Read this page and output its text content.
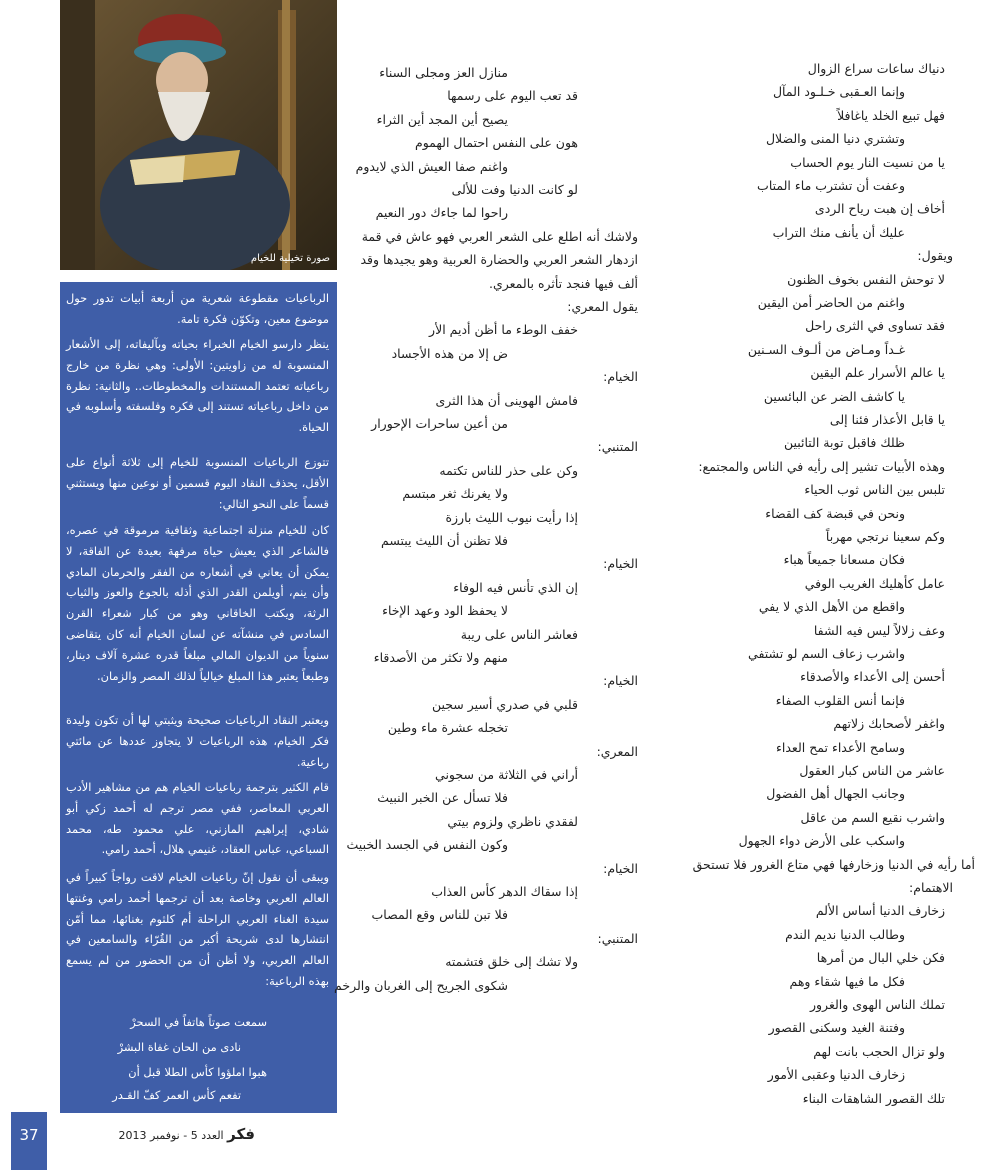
صورة تخيلية للخيام
الرباعيات مقطوعة شعرية من أربعة أبيات تدور حول موضوع معين، وتكوّن فكرة تامة.
ينظر دارسو الخيام الخبراء بحياته وبآليفاته، إلى الأشعار المنسوبة له من زاويتين: الأولى: وهي نظرة من خارج رباعياته تعتمد المستندات والمخطوطات.. والثانية: نظرة من داخل رباعياته تستند إلى فكره وفلسفته وأسلوبه في الحياة.
تتوزع الرباعيات المنسوبة للخيام إلى ثلاثة أنواع على الأقل، يحذف النقاد اليوم قسمين أو نوعين منها ويستثني قسماً على النحو التالي:
كان للخيام منزلة اجتماعية وثقافية مرموقة في عصره، فالشاعر الذي يعيش حياة مرفهة بعيدة عن الفاقة، لا يمكن أن يعاني في أشعاره من الفقر والحرمان المادي وأن ينم، أويلمن القدر الذي أذله بالجوع والعوز والثياب الرثة، ويكتب الخاقاني وهو من كبار شعراء القرن السادس في منشآته عن لسان الخيام أنه كان يتقاضى سنوياً من الديوان المالي مبلغاً قدره عشرة آلاف دينار، وطبعاً يعتبر هذا المبلغ خيالياً لذلك المصر والزمان.
ويعتبر النقاد الرباعيات صحيحة ويثبتي لها أن تكون وليدة فكر الخيام، هذه الرباعيات لا يتجاوز عددها عن مائتي رباعية.
قام الكثير بترجمة رباعيات الخيام هم من مشاهير الأدب العربي المعاصر، ففي مصر ترجم له أحمد زكي أبو شادي، إبراهيم المازني، علي محمود طه، محمد السباعي، عباس العقاد، غنيمي هلال، أحمد رامي.
ويبقى أن نقول إنّ رباعيات الخيام لاقت رواجاً كبيراً في العالم العربي وخاصة بعد أن ترجمها أحمد رامي وغنتها سيدة الغناء العربي الراحلة أم كلثوم بغنائها، مما أمّن انتشارها لدى شريحة أكبر من القُرّاء والسامعين في العالم العربي، ولا أظن أن من الحضور من لم يسمع بهذه الرباعية:
سمعت صوتاً هاتفاً في السحرْ
نادى من الحان غفاة البشرْ
هبوا املؤوا كأس الطلا قبل أن
تفعم كأس العمر كفّ القـدر
منازل العز ومجلى السناء
قد تعب اليوم على رسمها
يصيح أين المجد أين الثراء
هون على النفس احتمال الهموم
واغنم صفا العيش الذي لايدوم
لو كانت الدنيا وفت للألى
راحوا لما جاءك دور النعيم
ولاشك أنه اطلع على الشعر العربي فهو عاش في قمة
ازدهار الشعر العربي والحضارة العربية وهو يجيدها وقد
ألف فيها فنجد تأثره بالمعري.
يقول المعري:
خفف الوطء ما أظن أديم الأر
ض إلا من هذه الأجساد
الخيام:
فامش الهوينى أن هذا الثرى
من أعين ساحرات الإحورار
المتنبي:
وكن على حذر للناس تكتمه
ولا يغرنك ثغر مبتسم
إذا رأيت نيوب الليث بارزة
فلا تظنن أن الليث يبتسم
الخيام:
إن الذي تأنس فيه الوفاء
لا يحفظ الود وعهد الإخاء
فعاشر الناس على ريبة
منهم ولا تكثر من الأصدقاء
الخيام:
قلبي في صدري أسير سجين
تخجله عشرة ماء وطين
المعري:
أراني في الثلاثة من سجوني
فلا تسأل عن الخبر النبيث
لفقدي ناظري ولزوم بيتي
وكون النفس في الجسد الخبيث
الخيام:
إذا سقاك الدهر كأس العذاب
فلا تبن للناس وقع المصاب
المتنبي:
ولا تشك إلى خلق فتشمته
شكوى الجريح إلى الغربان والرخم
دنياك ساعات سراع الزوال
وإنما العـقبى خـلـود المآل
فهل تبيع الخلد ياغافلاً
وتشتري دنيا المنى والضلال
يا من نسيت النار يوم الحساب
وعفت أن تشترب ماء المتاب
أخاف إن هبت رياح الردى
عليك أن يأنف منك التراب
ويقول:
لا توحش النفس بخوف الظنون
واغنم من الحاضر أمن اليقين
فقد تساوى في الثرى راحل
غـداً ومـاض من ألـوف السـنين
يا عالم الأسرار علم اليقين
يا كاشف الضر عن البائسين
يا قابل الأعذار فئنا إلى
ظلك فاقبل توبة التائبين
وهذه الأبيات تشير إلى رأيه في الناس والمجتمع:
تلبس بين الناس ثوب الحياء
ونحن في قبضة كف القضاء
وكم سعينا نرتجي مهرباً
فكان مسعانا جميعاً هباء
عامل كأهليك الغريب الوفي
واقطع من الأهل الذي لا يفي
وعف زلالاً ليس فيه الشفا
واشرب زعاف السم لو تشتفي
أحسن إلى الأعداء والأصدقاء
فإنما أنس القلوب الصفاء
واغفر لأصحابك زلاتهم
وسامح الأعداء تمح العداء
عاشر من الناس كبار العقول
وجانب الجهال أهل الفضول
واشرب نقيع السم من عاقل
واسكب على الأرض دواء الجهول
أما رأيه في الدنيا وزخارفها فهي متاع الغرور فلا تستحق
الاهتمام:
زخارف الدنيا أساس الألم
وطالب الدنيا نديم الندم
فكن خلي البال من أمرها
فكل ما فيها شقاء وهم
تملك الناس الهوى والغرور
وفتنة الغيد وسكنى القصور
ولو تزال الحجب بانت لهم
زخارف الدنيا وعقبى الأمور
تلك القصور الشاهقات البناء
37	فكر العدد 5 - نوفمبر 2013
